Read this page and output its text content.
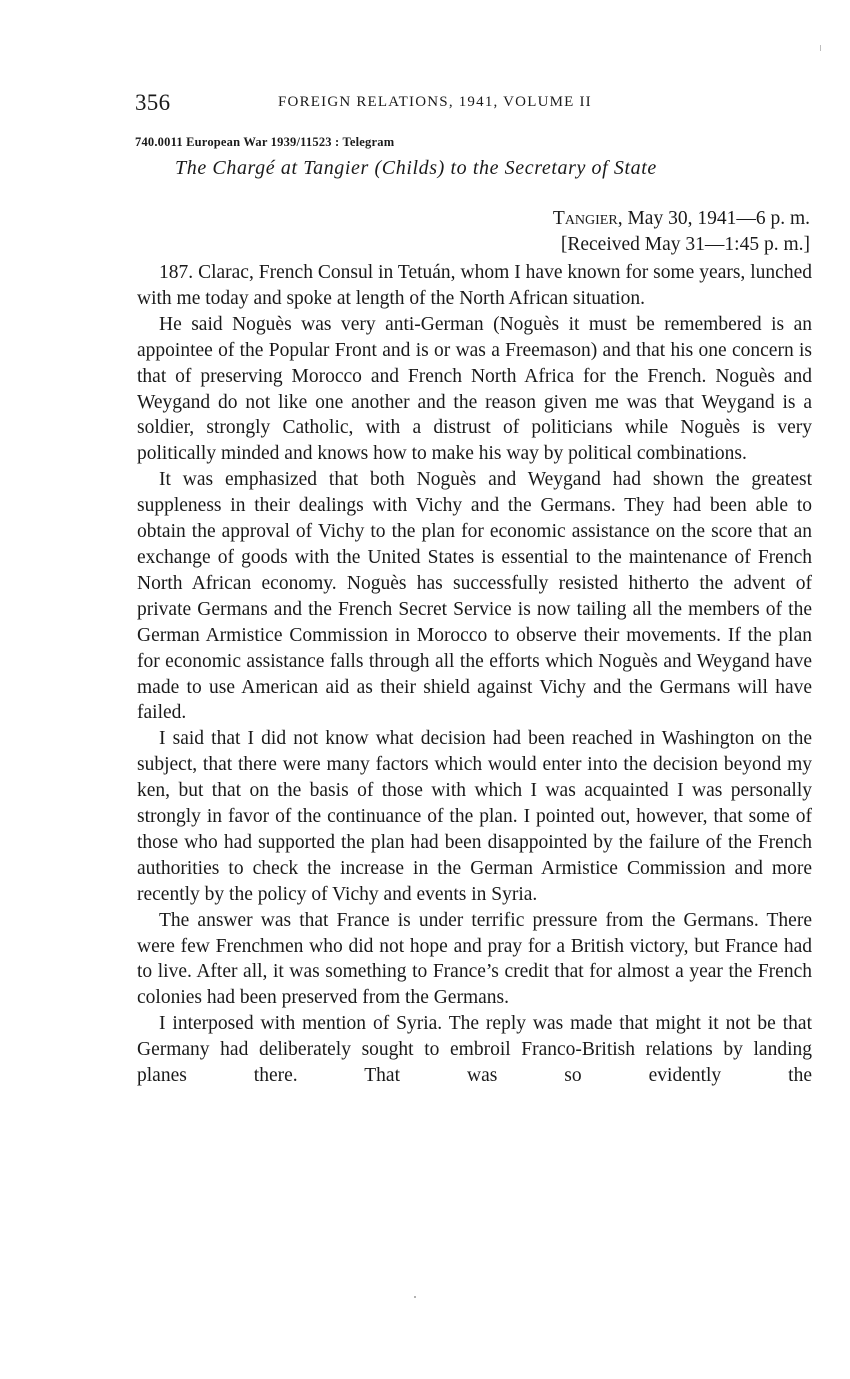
356	FOREIGN RELATIONS, 1941, VOLUME II
740.0011 European War 1939/11523 : Telegram
The Chargé at Tangier (Childs) to the Secretary of State
Tangier, May 30, 1941—6 p. m.
[Received May 31—1:45 p. m.]

187. Clarac, French Consul in Tetuán, whom I have known for some years, lunched with me today and spoke at length of the North African situation.

He said Noguès was very anti-German (Noguès it must be remembered is an appointee of the Popular Front and is or was a Freemason) and that his one concern is that of preserving Morocco and French North Africa for the French. Noguès and Weygand do not like one another and the reason given me was that Weygand is a soldier, strongly Catholic, with a distrust of politicians while Noguès is very politically minded and knows how to make his way by political combinations.

It was emphasized that both Noguès and Weygand had shown the greatest suppleness in their dealings with Vichy and the Germans. They had been able to obtain the approval of Vichy to the plan for economic assistance on the score that an exchange of goods with the United States is essential to the maintenance of French North African economy. Noguès has successfully resisted hitherto the advent of private Germans and the French Secret Service is now tailing all the members of the German Armistice Commission in Morocco to observe their movements. If the plan for economic assistance falls through all the efforts which Noguès and Weygand have made to use American aid as their shield against Vichy and the Germans will have failed.

I said that I did not know what decision had been reached in Washington on the subject, that there were many factors which would enter into the decision beyond my ken, but that on the basis of those with which I was acquainted I was personally strongly in favor of the continuance of the plan. I pointed out, however, that some of those who had supported the plan had been disappointed by the failure of the French authorities to check the increase in the German Armistice Commission and more recently by the policy of Vichy and events in Syria.

The answer was that France is under terrific pressure from the Germans. There were few Frenchmen who did not hope and pray for a British victory, but France had to live. After all, it was something to France’s credit that for almost a year the French colonies had been preserved from the Germans.

I interposed with mention of Syria. The reply was made that might it not be that Germany had deliberately sought to embroil Franco-British relations by landing planes there. That was so evidently the
